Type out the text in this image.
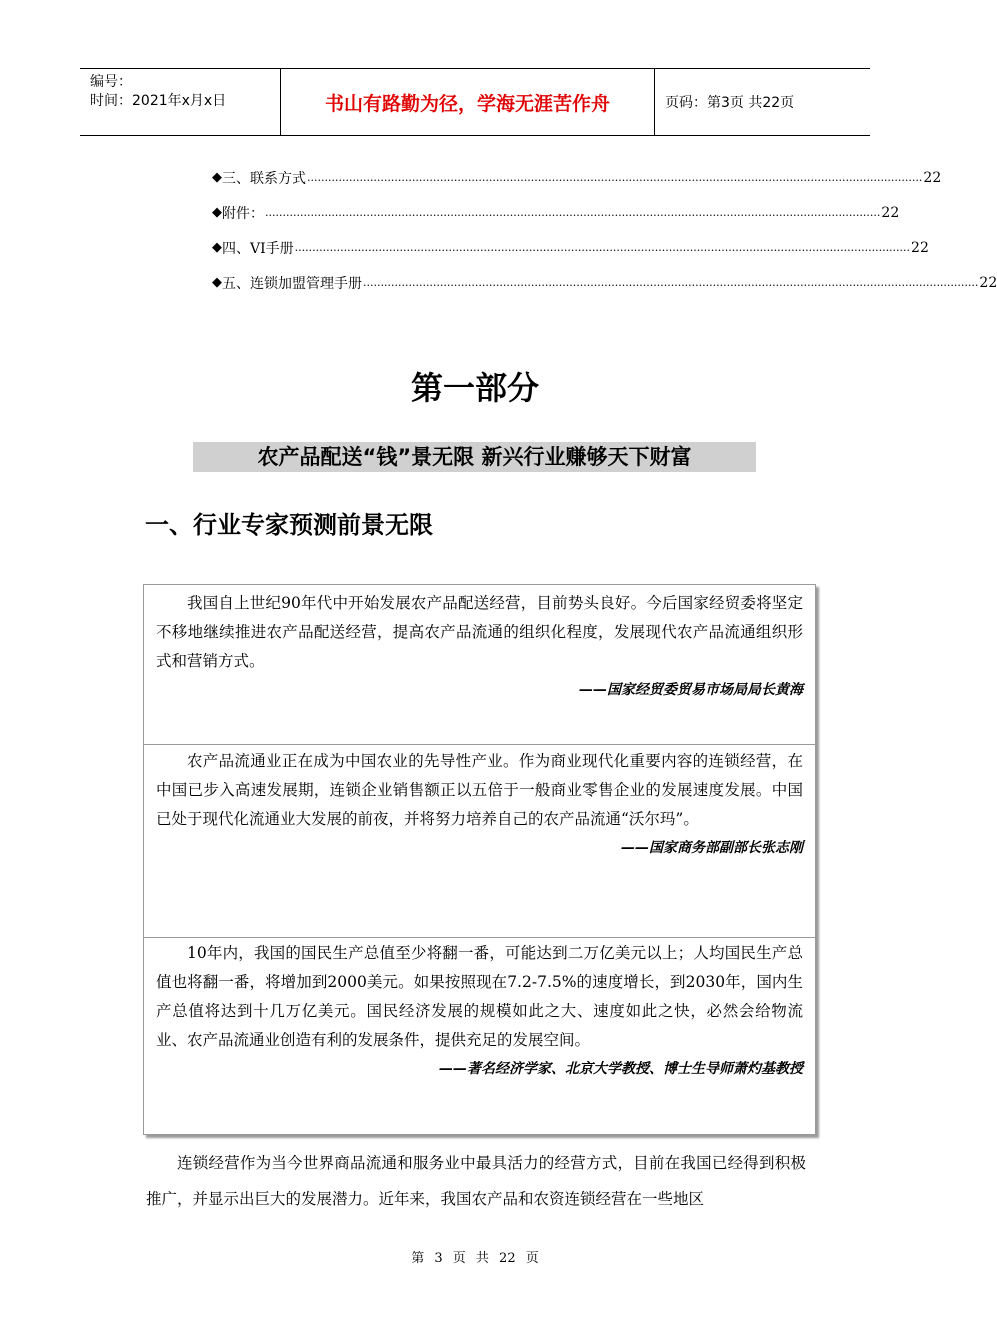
编号：
时间：2021年x月x日	书山有路勤为径，学海无涯苦作舟	页码：第3页 共22页
◆ 三、联系方式 ................................................................................................................................................................................ 22
◆ 附件： ................................................................................................................................................................................ 22
◆ 四、VI手册 ................................................................................................................................................................................ 22
◆ 五、连锁加盟管理手册 ................................................................................................................................................................................ 22
第一部分
农产品配送“钱”景无限 新兴行业赚够天下财富
一、行业专家预测前景无限

我国自上世纪90年代中开始发展农产品配送经营，目前势头良好。今后国家经贸委将坚定不移地继续推进农产品配送经营，提高农产品流通的组织化程度，发展现代农产品流通组织形式和营销方式。

——国家经贸委贸易市场局局长黄海

农产品流通业正在成为中国农业的先导性产业。作为商业现代化重要内容的连锁经营，在中国已步入高速发展期，连锁企业销售额正以五倍于一般商业零售企业的发展速度发展。中国已处于现代化流通业大发展的前夜，并将努力培养自己的农产品流通“沃尔玛”。

——国家商务部副部长张志刚

10年内，我国的国民生产总值至少将翻一番，可能达到二万亿美元以上；人均国民生产总值也将翻一番，将增加到2000美元。如果按照现在7.2-7.5%的速度增长，到2030年，国内生产总值将达到十几万亿美元。国民经济发展的规模如此之大、速度如此之快，必然会给物流业、农产品流通业创造有利的发展条件，提供充足的发展空间。

——著名经济学家、北京大学教授、博士生导师萧灼基教授

连锁经营作为当今世界商品流通和服务业中最具活力的经营方式，目前在我国已经得到积极推广，并显示出巨大的发展潜力。近年来，我国农产品和农资连锁经营在一些地区

第 3 页 共 22 页
